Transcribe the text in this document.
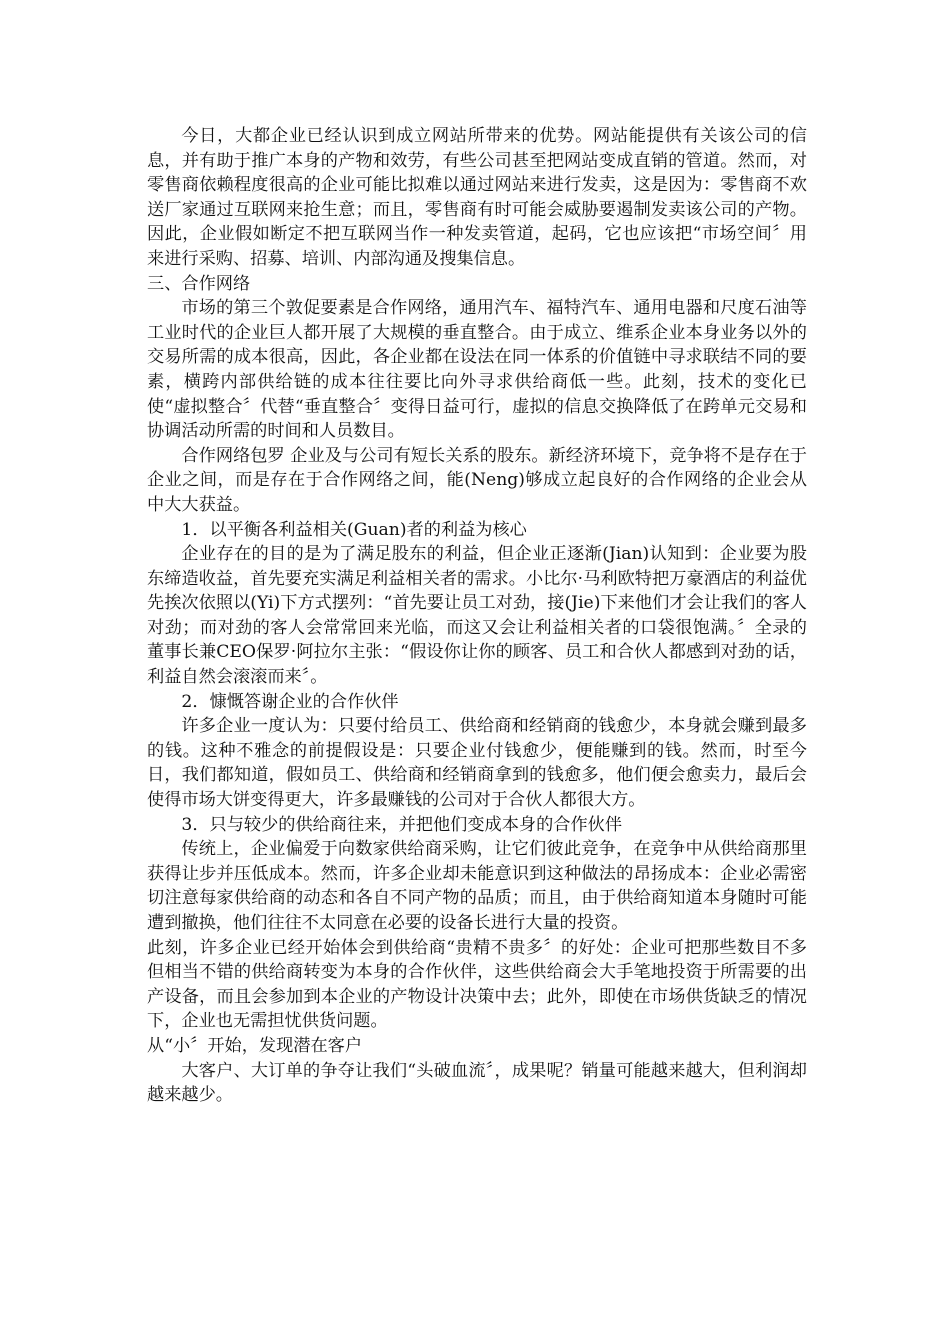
今日，大都企业已经认识到成立网站所带来的优势。网站能提供有关该公司的信息，并有助于推广本身的产物和效劳，有些公司甚至把网站变成直销的管道。然而，对零售商依赖程度很高的企业可能比拟难以通过网站来进行发卖，这是因为：零售商不欢送厂家通过互联网来抢生意；而且，零售商有时可能会威胁要遏制发卖该公司的产物。因此，企业假如断定不把互联网当作一种发卖管道，起码，它也应该把“市场空间〞用来进行采购、招募、培训、内部沟通及搜集信息。

三、合作网络

市场的第三个敦促要素是合作网络，通用汽车、福特汽车、通用电器和尺度石油等工业时代的企业巨人都开展了大规模的垂直整合。由于成立、维系企业本身业务以外的交易所需的成本很高，因此，各企业都在设法在同一体系的价值链中寻求联结不同的要素，横跨内部供给链的成本往往要比向外寻求供给商低一些。此刻，技术的变化已使“虚拟整合〞代替“垂直整合〞变得日益可行，虚拟的信息交换降低了在跨单元交易和协调活动所需的时间和人员数目。

合作网络包罗 企业及与公司有短长关系的股东。新经济环境下，竞争将不是存在于企业之间，而是存在于合作网络之间，能(Neng)够成立起良好的合作网络的企业会从中大大获益。

1．以平衡各利益相关(Guan)者的利益为核心

企业存在的目的是为了满足股东的利益，但企业正逐渐(Jian)认知到：企业要为股东缔造收益，首先要充实满足利益相关者的需求。小比尔·马利欧特把万豪酒店的利益优先挨次依照以(Yi)下方式摆列：“首先要让员工对劲，接(Jie)下来他们才会让我们的客人对劲；而对劲的客人会常常回来光临，而这又会让利益相关者的口袋很饱满。〞全录的董事长兼CEO保罗·阿拉尔主张：“假设你让你的顾客、员工和合伙人都感到对劲的话，利益自然会滚滚而来〞。

2．慷慨答谢企业的合作伙伴

许多企业一度认为：只要付给员工、供给商和经销商的钱愈少，本身就会赚到最多的钱。这种不雅念的前提假设是：只要企业付钱愈少，便能赚到的钱。然而，时至今日，我们都知道，假如员工、供给商和经销商拿到的钱愈多，他们便会愈卖力，最后会使得市场大饼变得更大，许多最赚钱的公司对于合伙人都很大方。

3．只与较少的供给商往来，并把他们变成本身的合作伙伴

传统上，企业偏爱于向数家供给商采购，让它们彼此竞争，在竞争中从供给商那里获得让步并压低成本。然而，许多企业却未能意识到这种做法的昂扬成本：企业必需密切注意每家供给商的动态和各自不同产物的品质；而且，由于供给商知道本身随时可能遭到撤换，他们往往不太同意在必要的设备长进行大量的投资。

此刻，许多企业已经开始体会到供给商“贵精不贵多〞的好处：企业可把那些数目不多但相当不错的供给商转变为本身的合作伙伴，这些供给商会大手笔地投资于所需要的出产设备，而且会参加到本企业的产物设计决策中去；此外，即使在市场供货缺乏的情况下，企业也无需担忧供货问题。

从“小〞开始，发现潜在客户

大客户、大订单的争夺让我们“头破血流〞，成果呢？销量可能越来越大，但利润却越来越少。
